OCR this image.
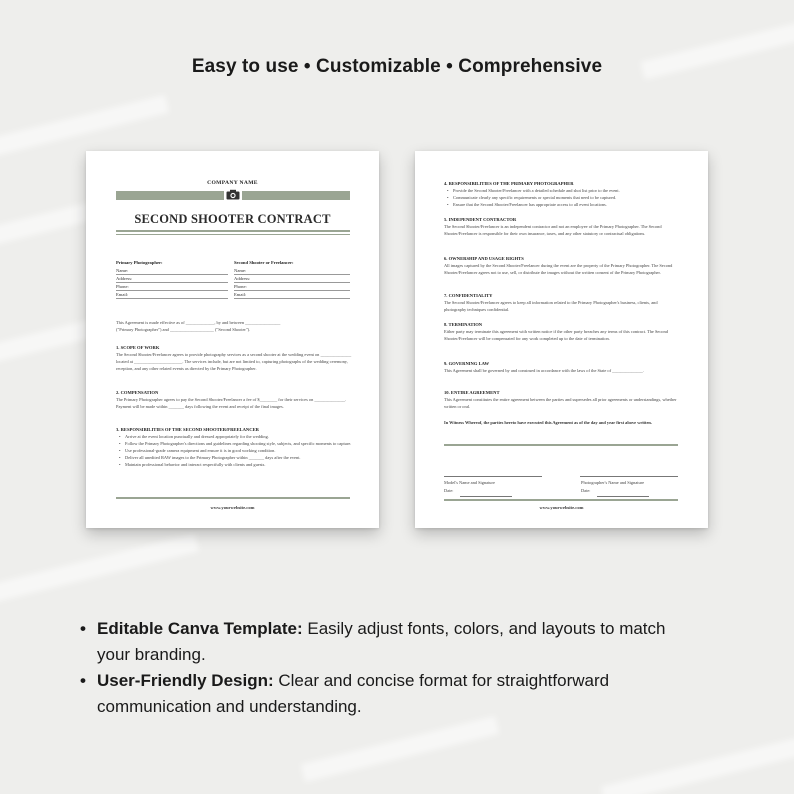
Easy to use • Customizable • Comprehensive
COMPANY NAME
SECOND SHOOTER CONTRACT
Primary Photographer:
Name:
Address:
Phone:
Email:
Second Shooter or Freelancer:
Name:
Address:
Phone:
Email:
This Agreement is made effective as of _____________, by and between ________________
("Primary Photographer") and ____________________ ("Second Shooter").
1. SCOPE OF WORK
The Second Shooter/Freelancer agrees to provide photography services as a second shooter at the wedding event on ______________ located at ______________________. The services include, but are not limited to, capturing photographs of the wedding ceremony, reception, and any other related events as directed by the Primary Photographer.
2. COMPENSATION
The Primary Photographer agrees to pay the Second Shooter/Freelancer a fee of $________ for their services on ______________. Payment will be made within _______ days following the event and receipt of the final images.
3. RESPONSIBILITIES OF THE SECOND SHOOTER/FREELANCER
• Arrive at the event location punctually and dressed appropriately for the wedding.
• Follow the Primary Photographer's directions and guidelines regarding shooting style, subjects, and specific moments to capture.
• Use professional-grade camera equipment and ensure it is in good working condition.
• Deliver all unedited RAW images to the Primary Photographer within _______ days after the event.
• Maintain professional behavior and interact respectfully with clients and guests.
www.yourwebsite.com
4. RESPONSIBILITIES OF THE PRIMARY PHOTOGRAPHER
• Provide the Second Shooter/Freelancer with a detailed schedule and shot list prior to the event.
• Communicate clearly any specific requirements or special moments that need to be captured.
• Ensure that the Second Shooter/Freelancer has appropriate access to all event locations.
5. INDEPENDENT CONTRACTOR
The Second Shooter/Freelancer is an independent contractor and not an employee of the Primary Photographer. The Second Shooter/Freelancer is responsible for their own insurance, taxes, and any other statutory or contractual obligations.
6. OWNERSHIP AND USAGE RIGHTS
All images captured by the Second Shooter/Freelancer during the event are the property of the Primary Photographer. The Second Shooter/Freelancer agrees not to use, sell, or distribute the images without the written consent of the Primary Photographer.
7. CONFIDENTIALITY
The Second Shooter/Freelancer agrees to keep all information related to the Primary Photographer's business, clients, and photography techniques confidential.
8. TERMINATION
Either party may terminate this agreement with written notice if the other party breaches any terms of this contract. The Second Shooter/Freelancer will be compensated for any work completed up to the date of termination.
9. GOVERNING LAW
This Agreement shall be governed by and construed in accordance with the laws of the State of ______________.
10. ENTIRE AGREEMENT
This Agreement constitutes the entire agreement between the parties and supersedes all prior agreements or understandings, whether written or oral.
In Witness Whereof, the parties hereto have executed this Agreement as of the day and year first above written.
Model's Name and Signature
Date:
Photographer's Name and Signature
Date:
www.yourwebsite.com
• Editable Canva Template: Easily adjust fonts, colors, and layouts to match your branding.
• User-Friendly Design: Clear and concise format for straightforward communication and understanding.
